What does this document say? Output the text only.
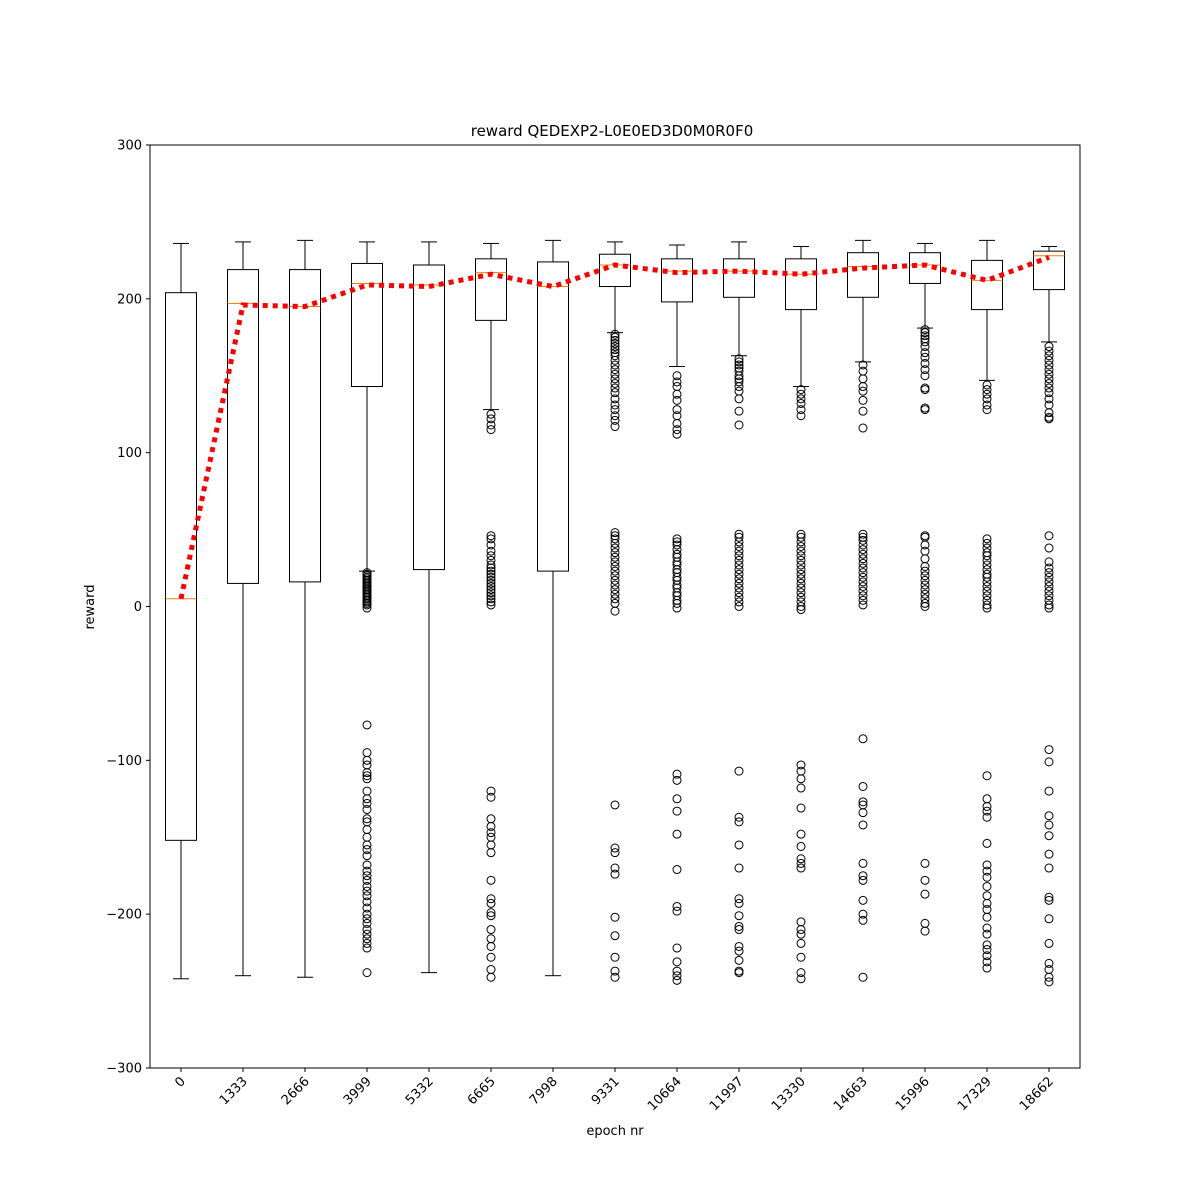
reward QEDEXP2-L0E0ED3D0M0R0F0
−300
−200
−100
0
100
200
300
0 1333 2666 3999 5332 6665 7998 9331 10664 11997 13330 14663 15996 17329 18662
epoch nr
reward
